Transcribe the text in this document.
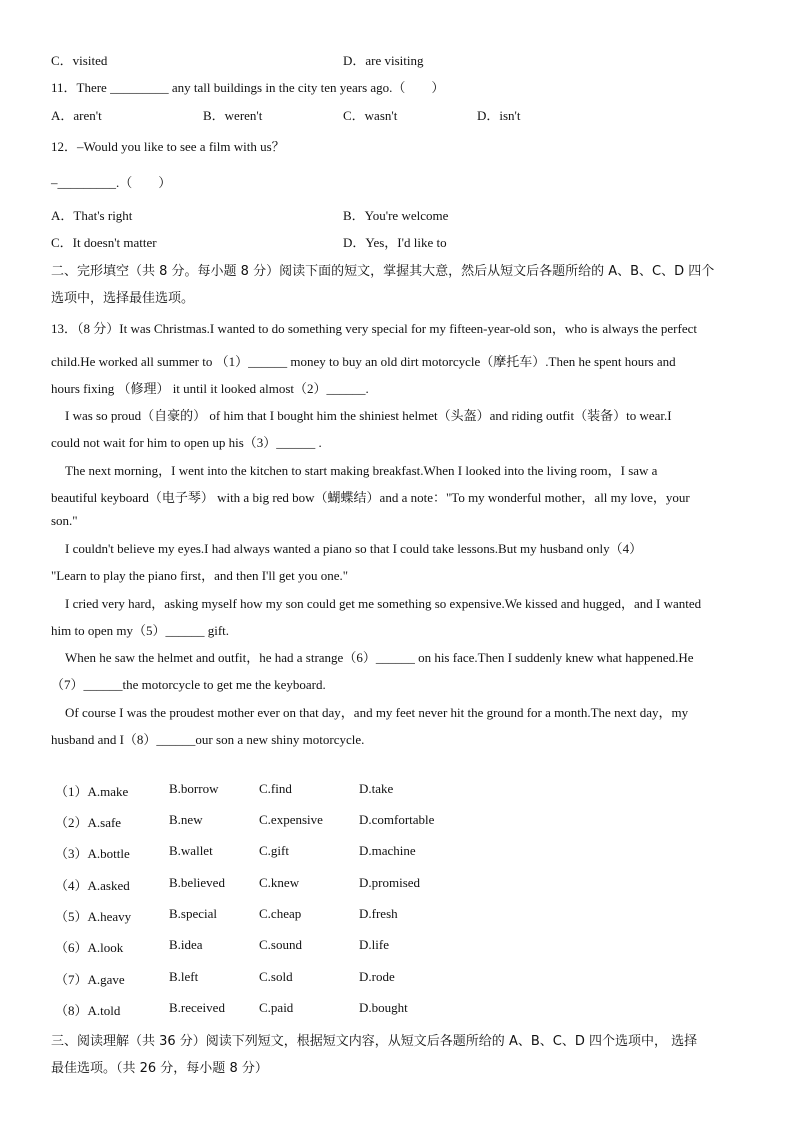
C．visited	D．are visiting
11．There _________ any tall buildings in the city ten years ago.（　　）
A．aren't	B．weren't	C．wasn't	D．isn't
12．–Would you like to see a film with us？
–_________.（　　）
A．That's right	B．You're welcome
C．It doesn't matter	D．Yes，I'd like to
二、完形填空（共 8 分。每小题 8 分）阅读下面的短文，掌握其大意，然后从短文后各题所给的 A、B、C、D 四个
选项中，选择最佳选项。
13．（8 分）It was Christmas.I wanted to do something very special for my fifteen-year-old son，who is always the perfect
child.He worked all summer to （1）______ money to buy an old dirt motorcycle（摩托车）.Then he spent hours and
hours fixing （修理） it until it looked almost（2）______.
I was so proud（自豪的） of him that I bought him the shiniest helmet（头盔）and riding outfit（装备）to wear.I
could not wait for him to open up his（3）______ .
The next morning，I went into the kitchen to start making breakfast.When I looked into the living room，I saw a
beautiful keyboard（电子琴） with a big red bow（蝴蝶结）and a note："To my wonderful mother，all my love，your
son."
I couldn't believe my eyes.I had always wanted a piano so that I could take lessons.But my husband only（4）
"Learn to play the piano first，and then I'll get you one."
I cried very hard，asking myself how my son could get me something so expensive.We kissed and hugged，and I wanted
him to open my（5）______ gift.
When he saw the helmet and outfit，he had a strange（6）______ on his face.Then I suddenly knew what happened.He
（7）______the motorcycle to get me the keyboard.
Of course I was the proudest mother ever on that day，and my feet never hit the ground for a month.The next day，my
husband and I（8）______our son a new shiny motorcycle.
（1）A.make	B.borrow	C.find	D.take
（2）A.safe	B.new	C.expensive	D.comfortable
（3）A.bottle	B.wallet	C.gift	D.machine
（4）A.asked	B.believed	C.knew	D.promised
（5）A.heavy	B.special	C.cheap	D.fresh
（6）A.look	B.idea	C.sound	D.life
（7）A.gave	B.left	C.sold	D.rode
（8）A.told	B.received	C.paid	D.bought
三、阅读理解（共 36 分）阅读下列短文，根据短文内容，从短文后各题所给的 A、B、C、D 四个选项中， 选择
最佳选项。（共 26 分，每小题 8 分）
